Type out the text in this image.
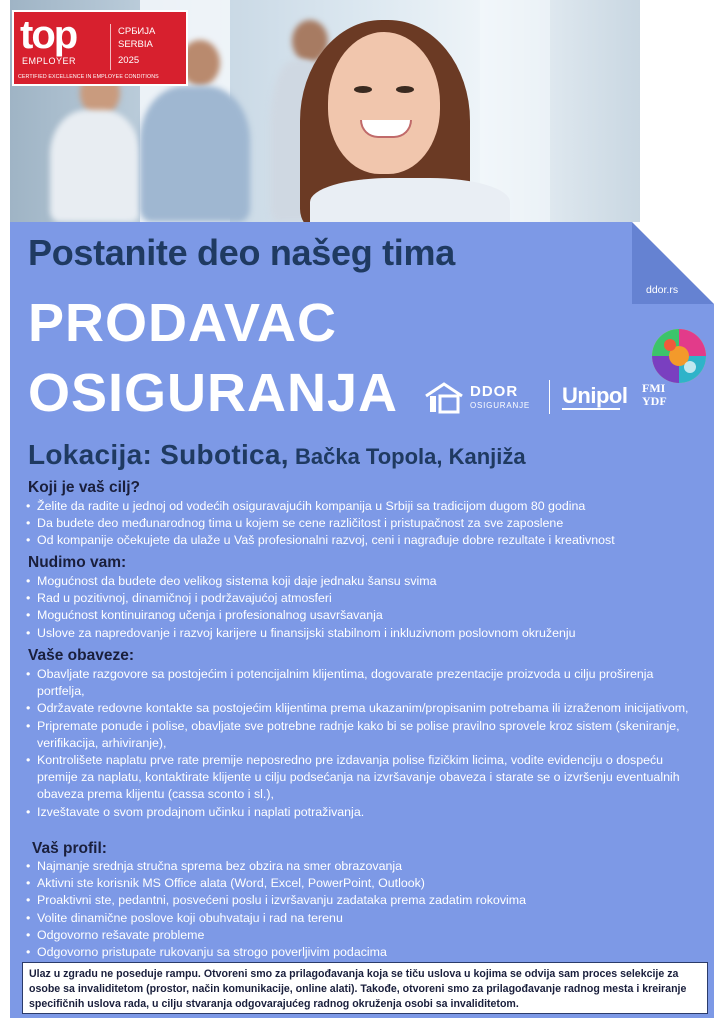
top
EMPLOYER
СРБИЈА
SERBIA
2025
CERTIFIED EXCELLENCE IN EMPLOYEE CONDITIONS
Postanite deo našeg tima
ddor.rs
PRODAVAC
OSIGURANJA	DDOR
OSIGURANJE Unipol FMI
YDF
Lokacija: Subotica, Bačka Topola, Kanjiža
Koji je vaš cilj?
• Želite da radite u jednoj od vodećih osiguravajućih kompanija u Srbiji sa tradicijom dugom 80 godina
• Da budete deo međunarodnog tima u kojem se cene različitost i pristupačnost za sve zaposlene
• Od kompanije očekujete da ulaže u Vaš profesionalni razvoj, ceni i nagrađuje dobre rezultate i kreativnost
Nudimo vam:
• Mogućnost da budete deo velikog sistema koji daje jednaku šansu svima
• Rad u pozitivnoj, dinamičnoj i podržavajućoj atmosferi
• Mogućnost kontinuiranog učenja i profesionalnog usavršavanja
• Uslove za napredovanje i razvoj karijere u finansijski stabilnom i inkluzivnom poslovnom okruženju
Vaše obaveze:
• Obavljate razgovore sa postojećim i potencijalnim klijentima, dogovarate prezentacije proizvoda u cilju proširenja portfelja,
• Održavate redovne kontakte sa postojećim klijentima prema ukazanim/propisanim potrebama ili izraženom inicijativom,
• Pripremate ponude i polise, obavljate sve potrebne radnje kako bi se polise pravilno sprovele kroz sistem (skeniranje, verifikacija, arhiviranje),
• Kontrolišete naplatu prve rate premije neposredno pre izdavanja polise fizičkim licima, vodite evidenciju o dospeću premije za naplatu, kontaktirate klijente u cilju podsećanja na izvršavanje obaveza i starate se o izvršenju eventualnih obaveza prema klijentu (cassa sconto i sl.),
• Izveštavate o svom prodajnom učinku i naplati potraživanja.
Vaš profil:
• Najmanje srednja stručna sprema bez obzira na smer obrazovanja
• Aktivni ste korisnik MS Office alata (Word, Excel, PowerPoint, Outlook)
• Proaktivni ste, pedantni, posvećeni poslu i izvršavanju zadataka prema zadatim rokovima
• Volite dinamične poslove koji obuhvataju i rad na terenu
• Odgovorno rešavate probleme
• Odgovorno pristupate rukovanju sa strogo poverljivim podacima
Ulaz u zgradu ne poseduje rampu. Otvoreni smo za prilagođavanja koja se tiču uslova u kojima se odvija sam proces selekcije za osobe sa invaliditetom (prostor, način komunikacije, online alati). Takođe, otvoreni smo za prilagođavanje radnog mesta i kreiranje specifičnih uslova rada, u cilju stvaranja odgovarajućeg radnog okruženja osobi sa invaliditetom.
